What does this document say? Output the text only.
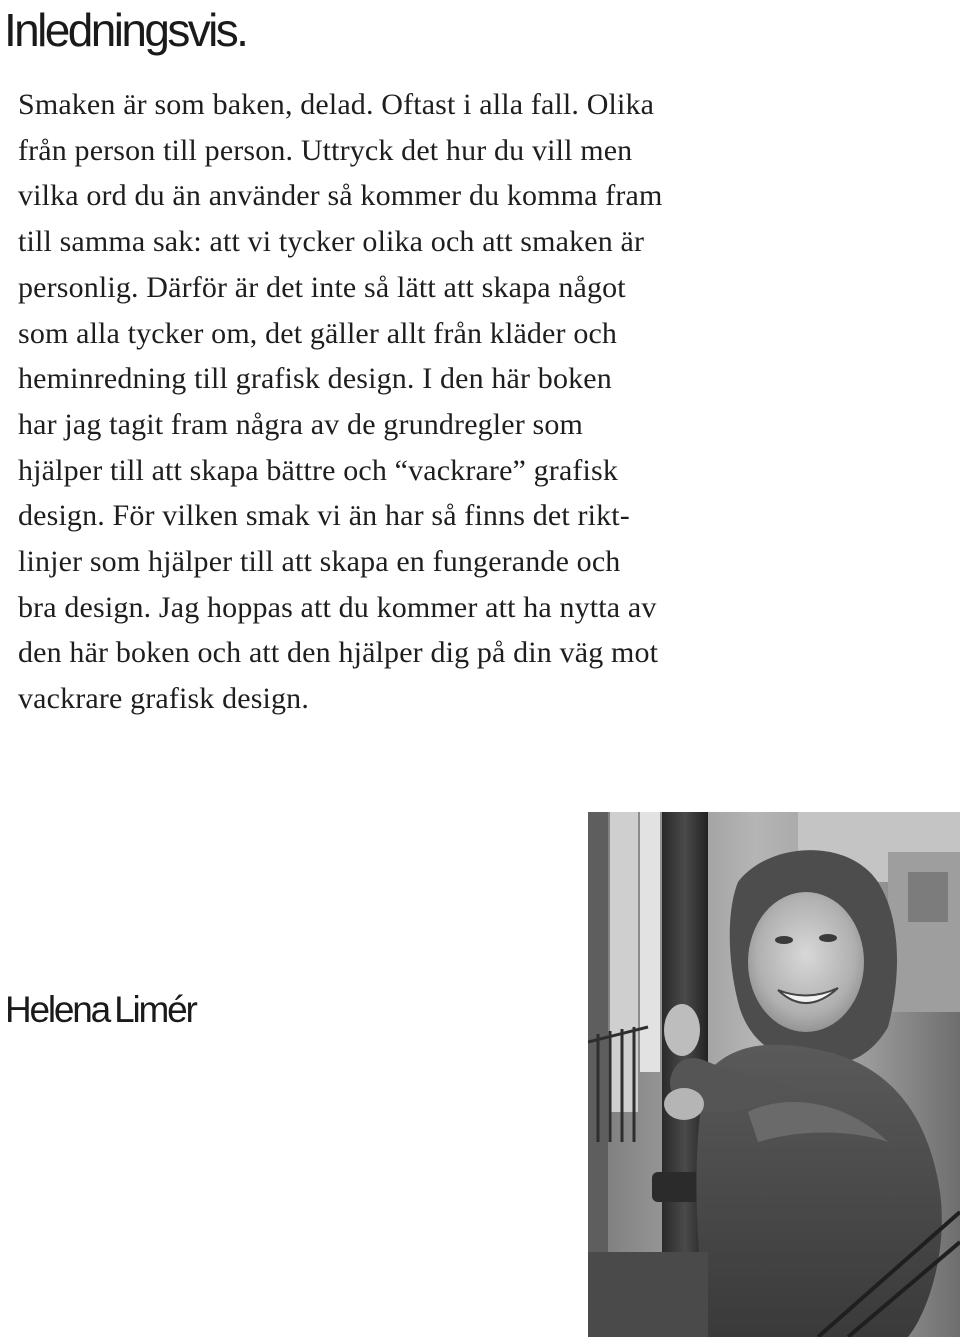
Inledningsvis.
Smaken är som baken, delad. Oftast i alla fall. Olika
från person till person. Uttryck det hur du vill men
vilka ord du än använder så kommer du komma fram
till samma sak: att vi tycker olika och att smaken är
personlig. Därför är det inte så lätt att skapa något
som alla tycker om, det gäller allt från kläder och
heminredning till grafisk design. I den här boken
har jag tagit fram några av de grundregler som
hjälper till att skapa bättre och “vackrare” grafisk
design. För vilken smak vi än har så finns det rikt-
linjer som hjälper till att skapa en fungerande och
bra design. Jag hoppas att du kommer att ha nytta av
den här boken och att den hjälper dig på din väg mot
vackrare grafisk design.

Helena Limér
